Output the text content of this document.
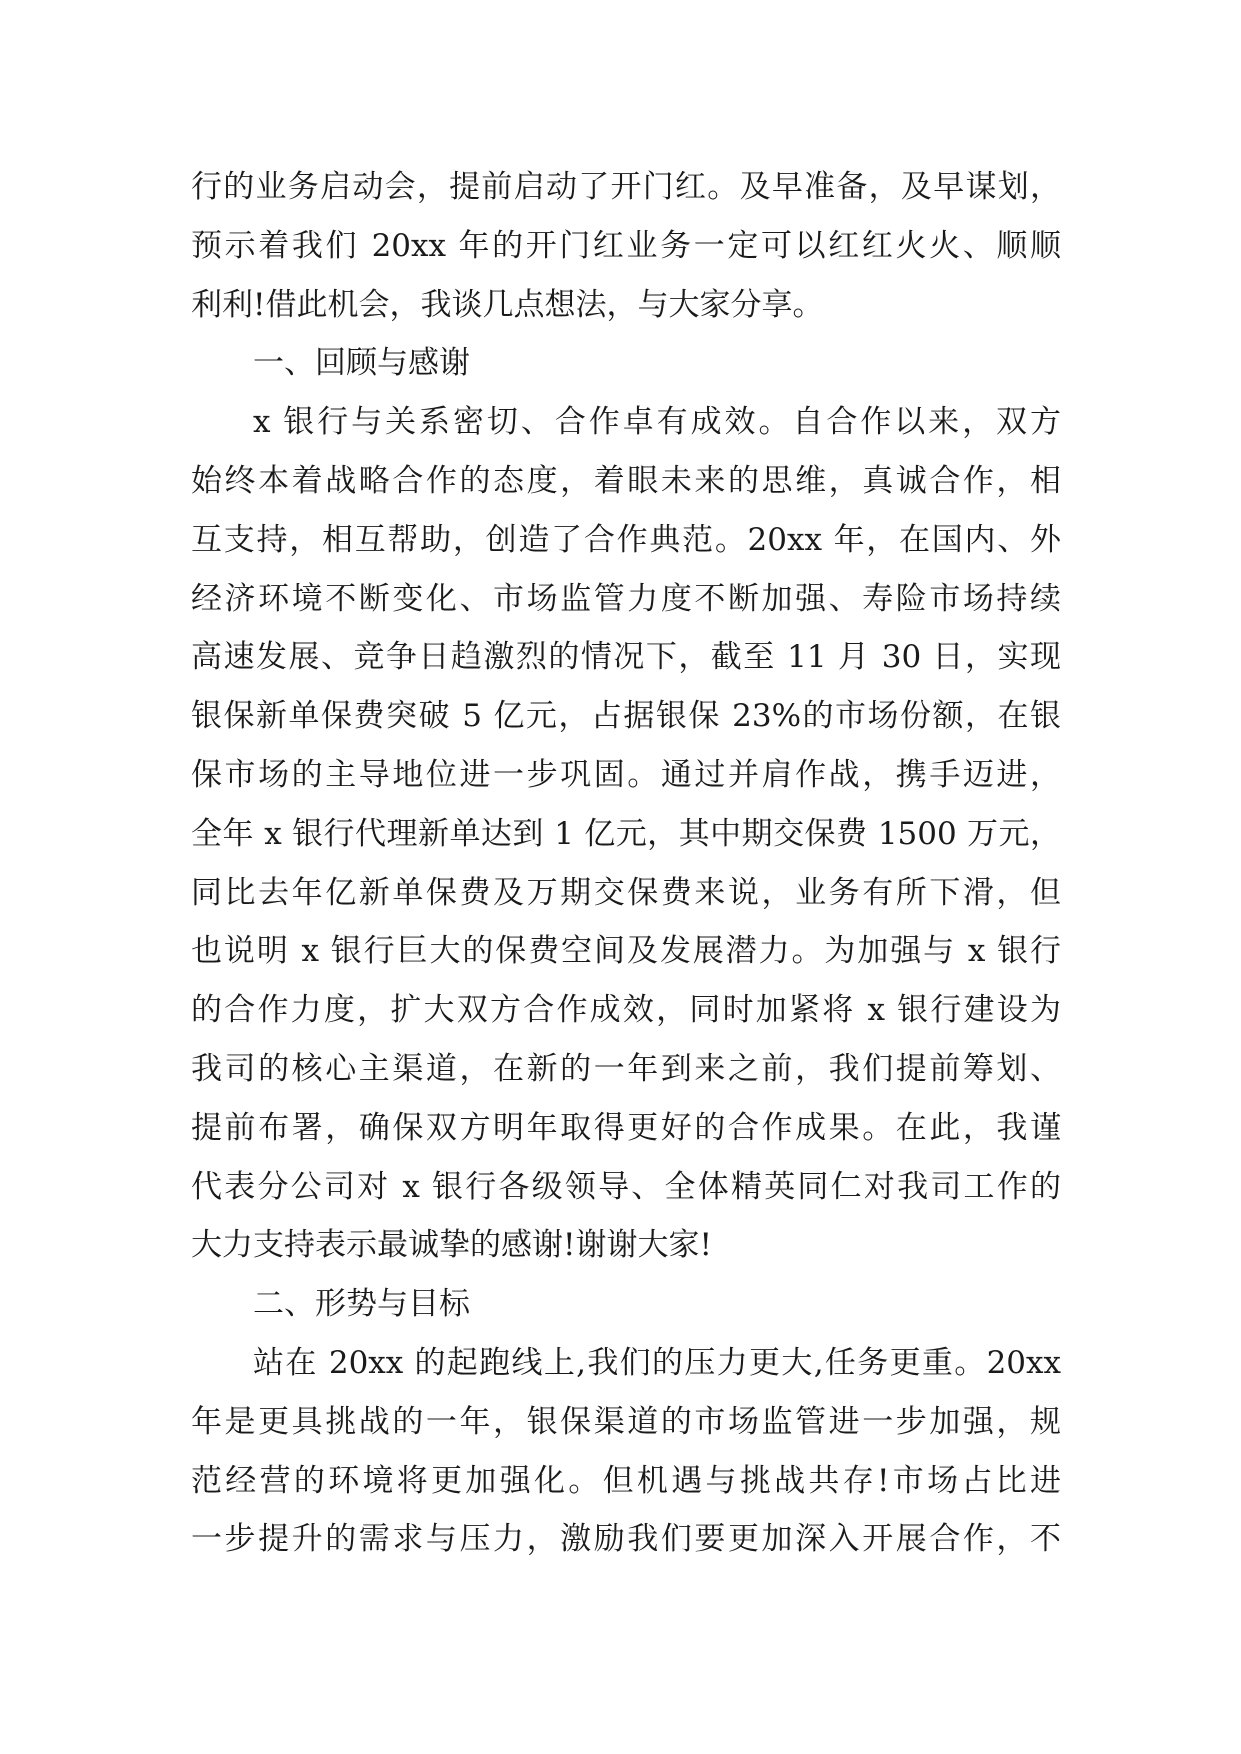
行的业务启动会，提前启动了开门红。及早准备，及早谋划，
预示着我们 20xx 年的开门红业务一定可以红红火火、顺顺
利利!借此机会，我谈几点想法，与大家分享。
一、回顾与感谢
x 银行与关系密切、合作卓有成效。自合作以来，双方
始终本着战略合作的态度，着眼未来的思维，真诚合作，相
互支持，相互帮助，创造了合作典范。20xx 年，在国内、外
经济环境不断变化、市场监管力度不断加强、寿险市场持续
高速发展、竞争日趋激烈的情况下，截至 11 月 30 日，实现
银保新单保费突破 5 亿元，占据银保 23%的市场份额，在银
保市场的主导地位进一步巩固。通过并肩作战，携手迈进，
全年 x 银行代理新单达到 1 亿元，其中期交保费 1500 万元，
同比去年亿新单保费及万期交保费来说，业务有所下滑，但
也说明 x 银行巨大的保费空间及发展潜力。为加强与 x 银行
的合作力度，扩大双方合作成效，同时加紧将 x 银行建设为
我司的核心主渠道，在新的一年到来之前，我们提前筹划、
提前布署，确保双方明年取得更好的合作成果。在此，我谨
代表分公司对 x 银行各级领导、全体精英同仁对我司工作的
大力支持表示最诚挚的感谢!谢谢大家!
二、形势与目标
站在 20xx 的起跑线上,我们的压力更大,任务更重。20xx
年是更具挑战的一年，银保渠道的市场监管进一步加强，规
范经营的环境将更加强化。但机遇与挑战共存!市场占比进
一步提升的需求与压力，激励我们要更加深入开展合作，不
